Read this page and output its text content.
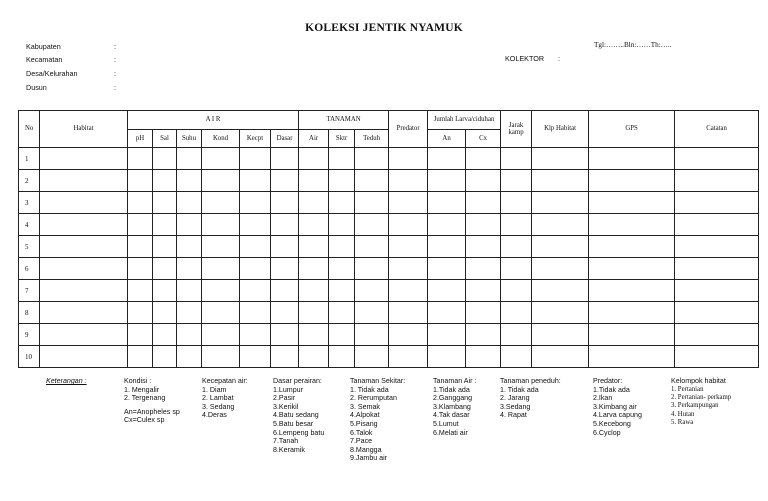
KOLEKSI JENTIK NYAMUK
Kabupaten	:
Kecamatan	:
Desa/Kelurahan	:
Dusun	:
Tgl:……..Bln:……Th:…..
KOLEKTOR :
No	Habitat	A I R						TANAMAN			Predator	Jumlah Larva/ciduhan		Jarak kamp	Klp Habitat	GPS	Catatan
		pH	Sal	Suhu	Kond	Kecpt	Dasar	Air	Sktr	Teduh		An	Cx				
1																	
2																	
3																	
4																	
5																	
6																	
7																	
8																	
9																	
10																	
Keterangan :	Kondisi :
1. Mengalir
2. Tergenang
An=Anopheles sp
Cx=Culex sp
Kecepatan air:
1. Diam
2. Lambat
3. Sedang
4.Deras
Dasar perairan:
1.Lumpur
2.Pasir
3.Kerikil
4.Batu sedang
5.Batu besar
6.Lempeng batu
7.Tanah
8.Keramik
Tanaman Sekitar:
1. Tidak ada
2. Rerumputan
3. Semak
4.Alpokat
5.Pisang
6.Talok
7.Pace
8.Mangga
9.Jambu air
Tanaman Air :
1.Tidak ada
2.Ganggang
3.Klambang
4.Tak dasar
5.Lumut
6.Melati air
Tanaman peneduh:
1. Tidak ada
2. Jarang
3.Sedang
4. Rapat
Predator:
1.Tidak ada
2.Ikan
3.Kimbang air
4.Larva capung
5.Kecebong
6.Cyclop
Kelompok habitat
1. Pertanian
2. Pertanian- perkamp
3. Perkampungan
4. Hutan
5. Rawa
